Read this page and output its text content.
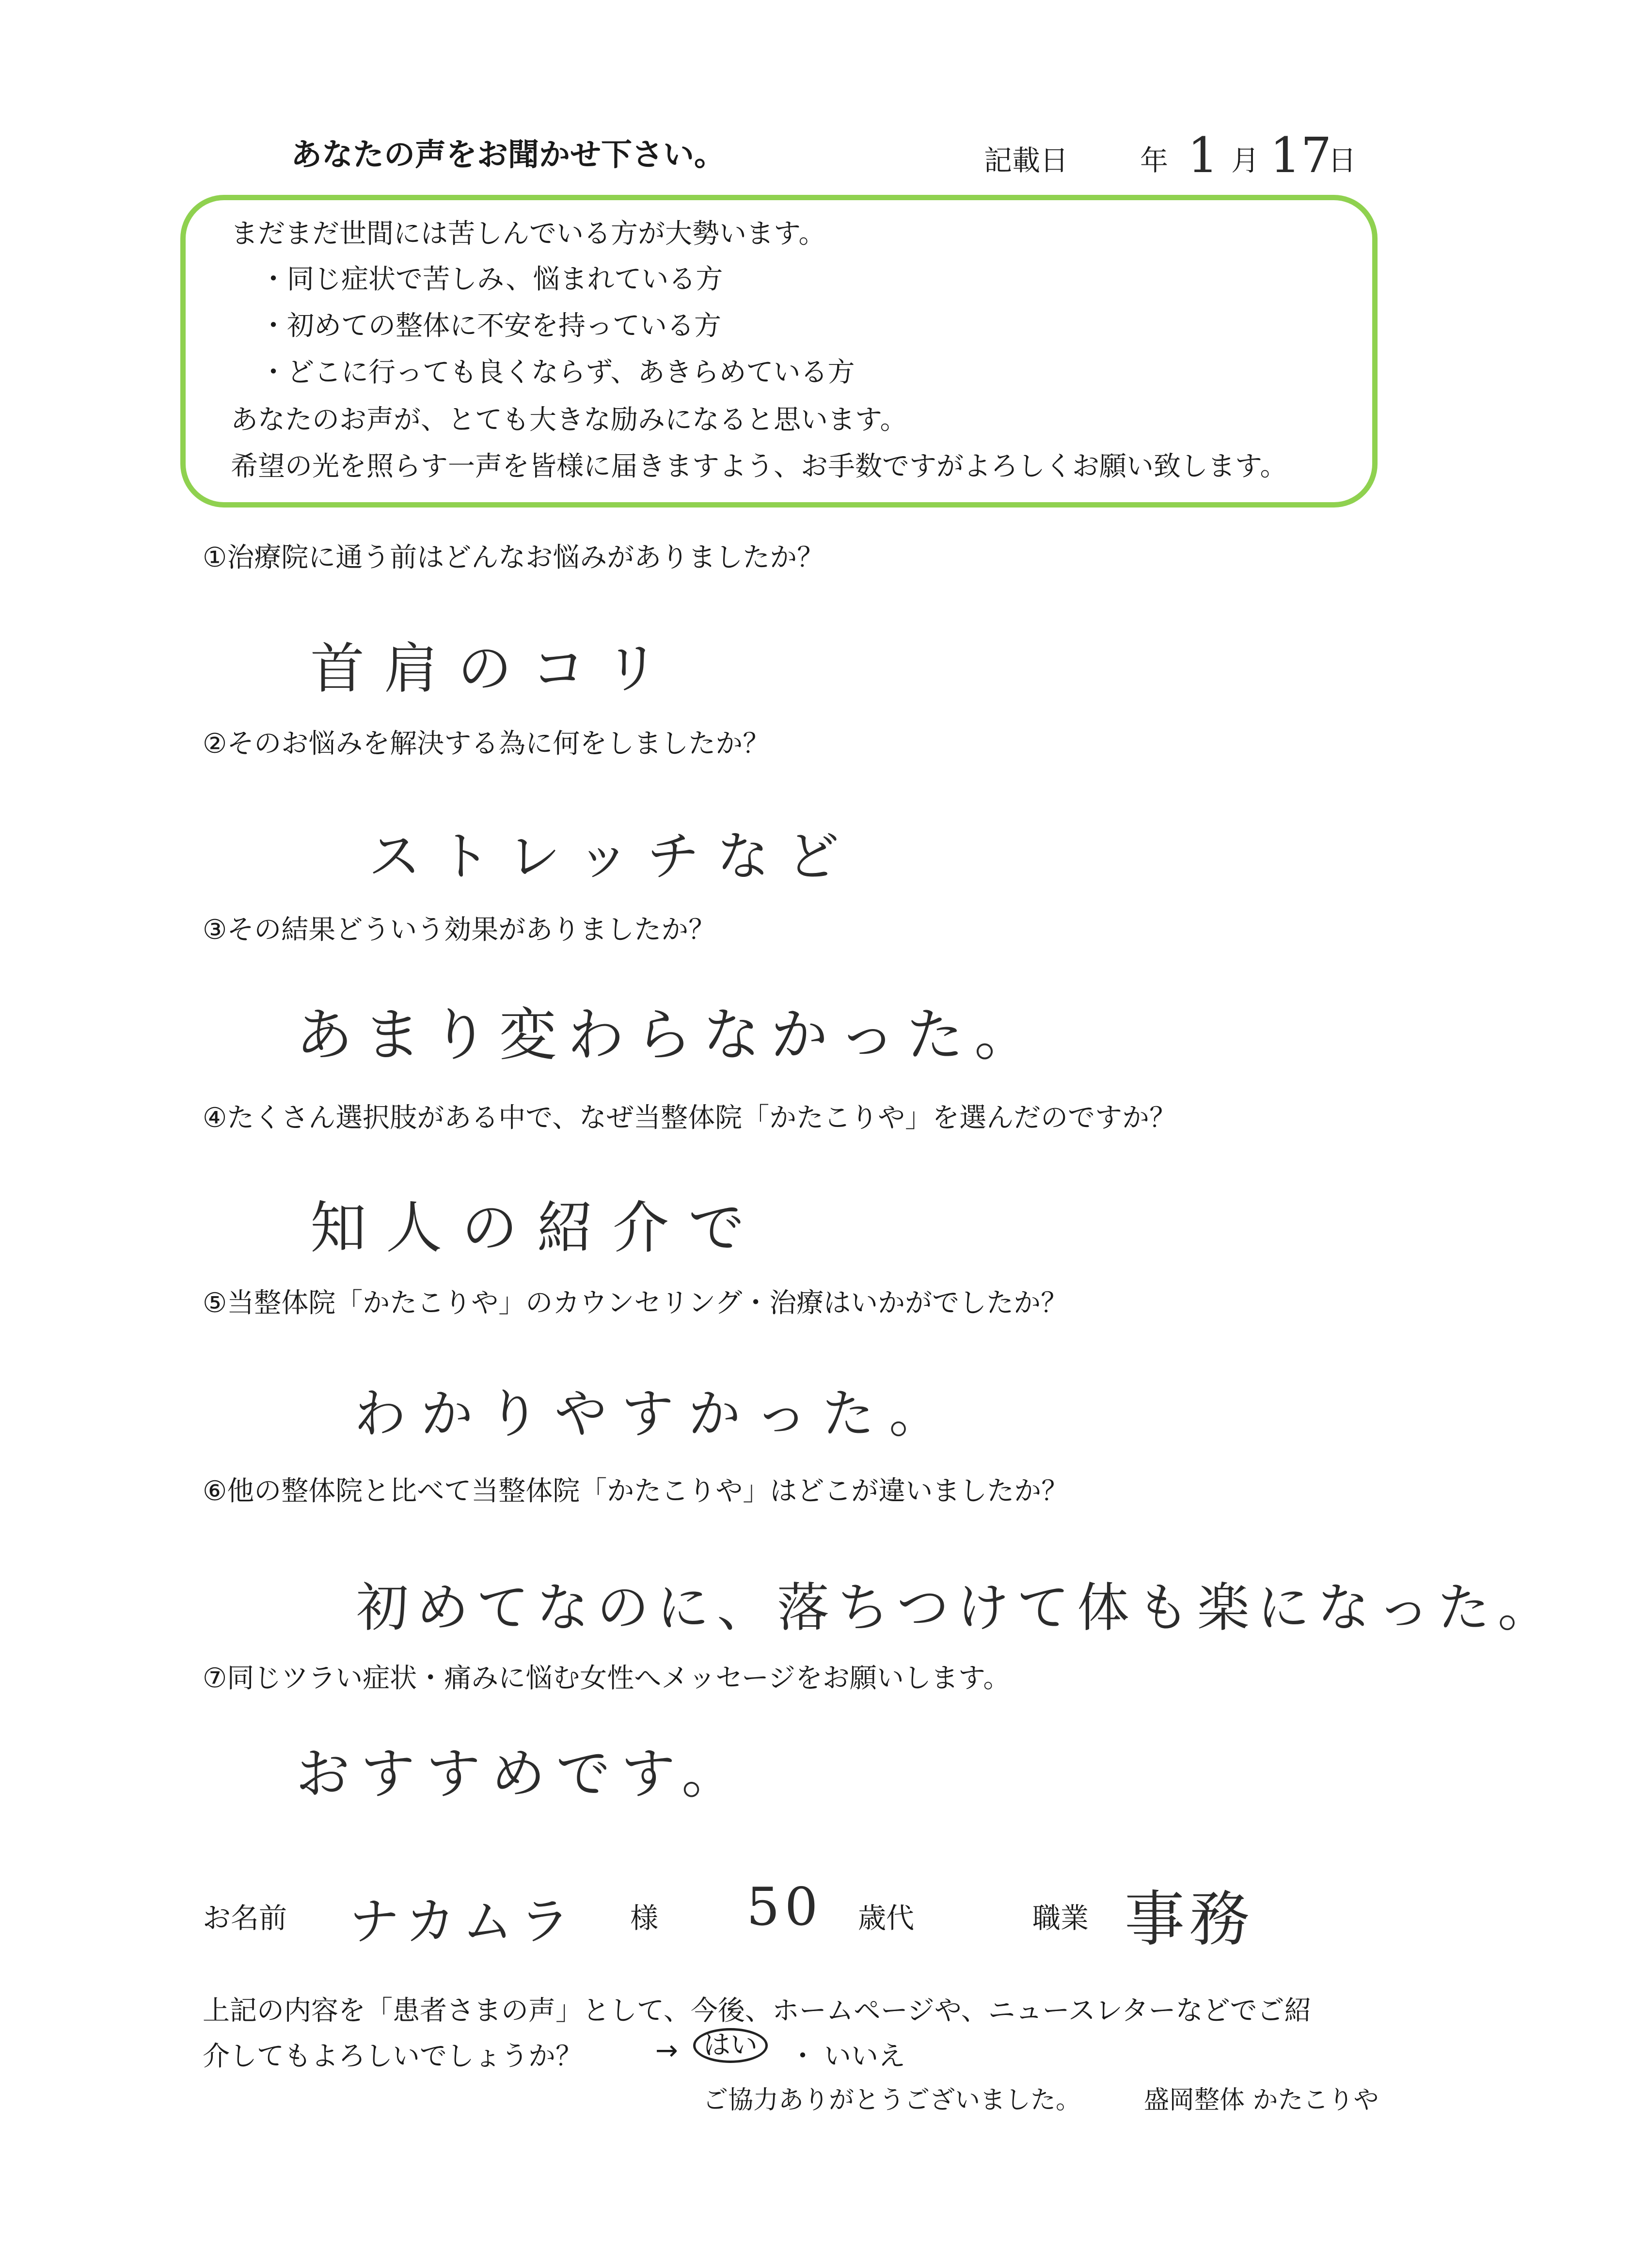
あなたの声をお聞かせ下さい。	記載日	年 1 月 17
日
まだまだ世間には苦しんでいる方が大勢います。
・同じ症状で苦しみ、悩まれている方
・初めての整体に不安を持っている方
・どこに行っても良くならず、あきらめている方
あなたのお声が、とても大きな励みになると思います。
希望の光を照らす一声を皆様に届きますよう、お手数ですがよろしくお願い致します。
①治療院に通う前はどんなお悩みがありましたか？
首肩のコリ
②そのお悩みを解決する為に何をしましたか？
ストレッチなど
③その結果どういう効果がありましたか？
あまり変わらなかった。
④たくさん選択肢がある中で、なぜ当整体院「かたこりや」を選んだのですか？
知人の紹介で
⑤当整体院「かたこりや」のカウンセリング・治療はいかがでしたか？
わかりやすかった。
⑥他の整体院と比べて当整体院「かたこりや」はどこが違いましたか？
初めてなのに、落ちつけて体も楽になった。
⑦同じツラい症状・痛みに悩む女性へメッセージをお願いします。
おすすめです。
お名前 ナカムラ 様 50 歳代	職業 事務
上記の内容を「患者さまの声」として、今後、ホームページや、ニュースレターなどでご紹
介してもよろしいでしょうか？	→ はい	・ いいえ
ご協力ありがとうございました。 盛岡整体 かたこりや
